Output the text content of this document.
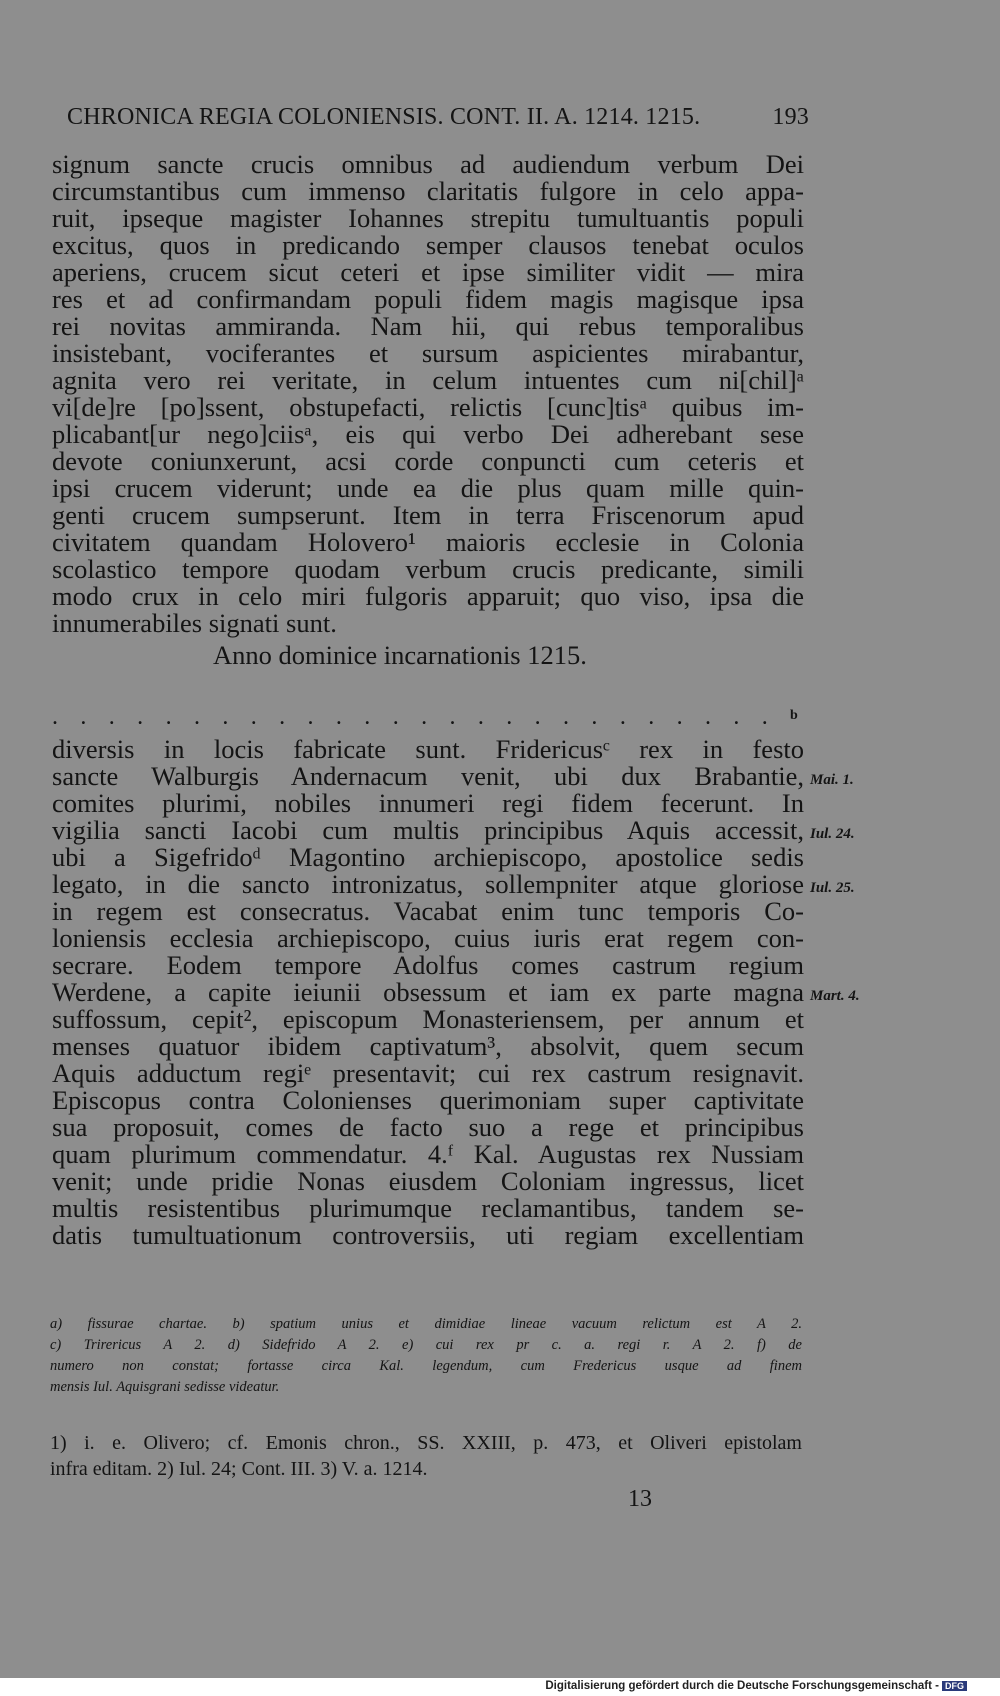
CHRONICA REGIA COLONIENSIS. CONT. II. A. 1214. 1215.	193
signum sancte crucis omnibus ad audiendum verbum Dei
circumstantibus cum immenso claritatis fulgore in celo appa-
ruit, ipseque magister Iohannes strepitu tumultuantis populi
excitus, quos in predicando semper clausos tenebat oculos
aperiens, crucem sicut ceteri et ipse similiter vidit — mira
res et ad confirmandam populi fidem magis magisque ipsa
rei novitas ammiranda. Nam hii, qui rebus temporalibus
insistebant, vociferantes et sursum aspicientes mirabantur,
agnita vero rei veritate, in celum intuentes cum ni[chil]ᵃ
vi[de]re [po]ssent, obstupefacti, relictis [cunc]tisᵃ quibus im-
plicabant[ur nego]ciisᵃ, eis qui verbo Dei adherebant sese
devote coniunxerunt, acsi corde conpuncti cum ceteris et
ipsi crucem viderunt; unde ea die plus quam mille quin-
genti crucem sumpserunt. Item in terra Friscenorum apud
civitatem quandam Holovero¹ maioris ecclesie in Colonia
scolastico tempore quodam verbum crucis predicante, simili
modo crux in celo miri fulgoris apparuit; quo viso, ipsa die
innumerabiles signati sunt.
Anno dominice incarnationis 1215.
. . . . . . . . . . . . . . . . . . . . . . . . . .	b
diversis in locis fabricate sunt. Fridericusᶜ rex in festo
sancte Walburgis Andernacum venit, ubi dux Brabantie,
comites plurimi, nobiles innumeri regi fidem fecerunt. In
vigilia sancti Iacobi cum multis principibus Aquis accessit,
ubi a Sigefridoᵈ Magontino archiepiscopo, apostolice sedis
legato, in die sancto intronizatus, sollempniter atque gloriose
in regem est consecratus. Vacabat enim tunc temporis Co-
loniensis ecclesia archiepiscopo, cuius iuris erat regem con-
secrare. Eodem tempore Adolfus comes castrum regium
Werdene, a capite ieiunii obsessum et iam ex parte magna
suffossum, cepit², episcopum Monasteriensem, per annum et
menses quatuor ibidem captivatum³, absolvit, quem secum
Aquis adductum regiᵉ presentavit; cui rex castrum resignavit.
Episcopus contra Colonienses querimoniam super captivitate
sua proposuit, comes de facto suo a rege et principibus
quam plurimum commendatur. 4.ᶠ Kal. Augustas rex Nussiam
venit; unde pridie Nonas eiusdem Coloniam ingressus, licet
multis resistentibus plurimumque reclamantibus, tandem se-
datis tumultuationum controversiis, uti regiam excellentiam
Mai. 1.
Iul. 24.
Iul. 25.
Mart. 4.
a) fissurae chartae. b) spatium unius et dimidiae lineae vacuum relictum est A 2.
c) Trirericus A 2. d) Sidefrido A 2. e) cui rex pr c. a. regi r. A 2. f) de
numero non constat; fortasse circa Kal. legendum, cum Fredericus usque ad finem
mensis Iul. Aquisgrani sedisse videatur.
1) i. e. Olivero; cf. Emonis chron., SS. XXIII, p. 473, et Oliveri epistolam
infra editam. 2) Iul. 24; Cont. III. 3) V. a. 1214.
13
Digitalisierung gefördert durch die Deutsche Forschungsgemeinschaft - DFG
